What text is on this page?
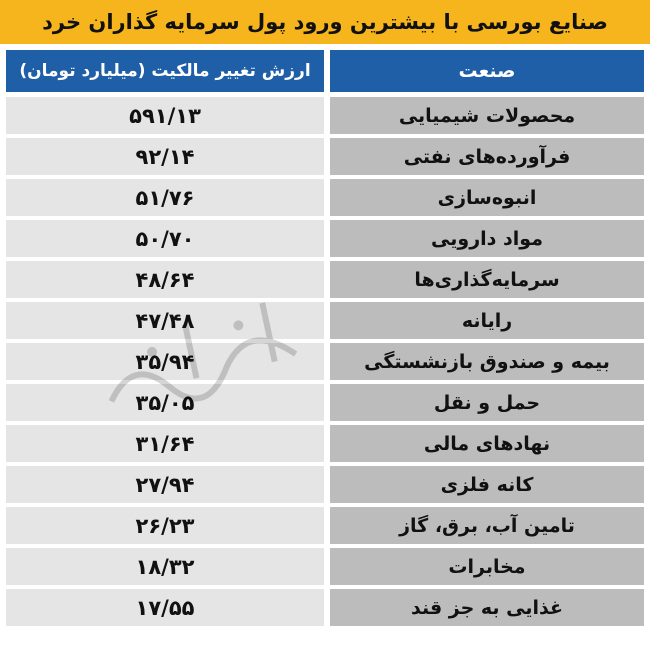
صنایع بورسی با بیشترین ورود پول سرمایه گذاران خرد
ارزش تغییر مالکیت (میلیارد تومان)	صنعت
۵۹۱/۱۳	محصولات شیمیایی
۹۲/۱۴	فرآورده‌های نفتی
۵۱/۷۶	انبوه‌سازی
۵۰/۷۰	مواد دارویی
۴۸/۶۴	سرمایه‌گذاری‌ها
۴۷/۴۸	رایانه
۳۵/۹۴	بیمه و صندوق بازنشستگی
۳۵/۰۵	حمل و نقل
۳۱/۶۴	نهادهای مالی
۲۷/۹۴	کانه فلزی
۲۶/۲۳	تامین آب، برق، گاز
۱۸/۳۲	مخابرات
۱۷/۵۵	غذایی به جز قند
